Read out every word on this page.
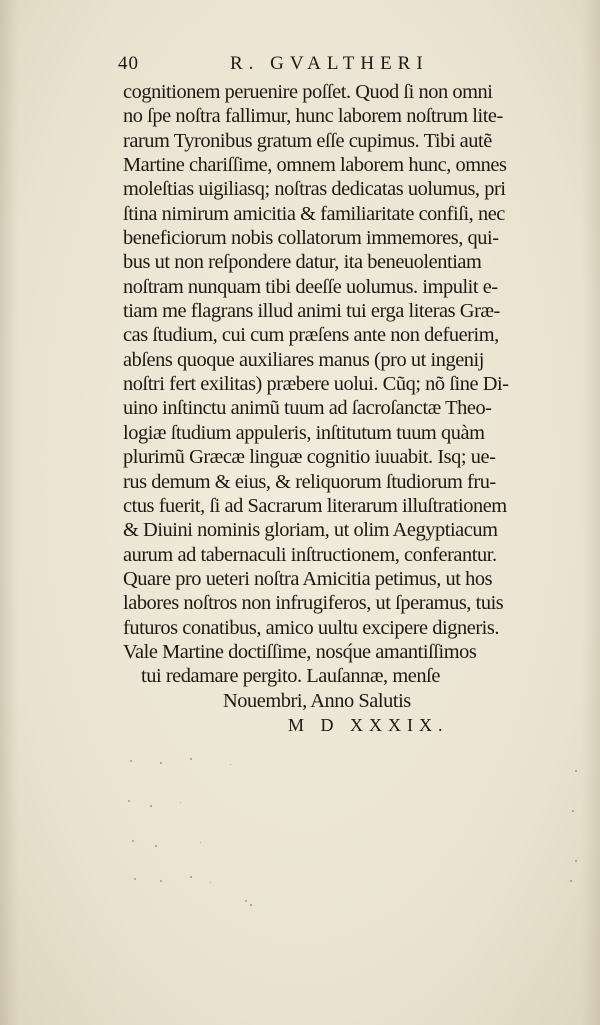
40	R. GVALTHERI
cognitionem peruenire poſſet. Quod ſi non omni
no ſpe noſtra fallimur, hunc laborem noſtrum lite-
rarum Tyronibus gratum eſſe cupimus. Tibi autẽ
Martine chariſſime, omnem laborem hunc, omnes
moleſtias uigiliasq; noſtras dedicatas uolumus, pri
ſtina nimirum amicitia & familiaritate confiſi, nec
beneficiorum nobis collatorum immemores, qui-
bus ut non reſpondere datur, ita beneuolentiam
noſtram nunquam tibi deeſſe uolumus. impulit e-
tiam me flagrans illud animi tui erga literas Græ-
cas ſtudium, cui cum præſens ante non defuerim,
abſens quoque auxiliares manus (pro ut ingenij
noſtri fert exilitas) præbere uolui. Cũq; nõ ſine Di-
uino inſtinctu animũ tuum ad ſacroſanctæ Theo-
logiæ ſtudium appuleris, inſtitutum tuum quàm
plurimũ Græcæ linguæ cognitio iuuabit. Isq; ue-
rus demum & eius, & reliquorum ſtudiorum fru-
ctus fuerit, ſi ad Sacrarum literarum illuſtrationem
& Diuini nominis gloriam, ut olim Aegyptiacum
aurum ad tabernaculi inſtructionem, conferantur.
Quare pro ueteri noſtra Amicitia petimus, ut hos
labores noſtros non infrugiferos, ut ſperamus, tuis
futuros conatibus, amico uultu excipere digneris.
Vale Martine doctiſſime, nosq́ue amantiſſimos
tui redamare pergito. Lauſannæ, menſe
Nouembri, Anno Salutis
M D XXXIX.
